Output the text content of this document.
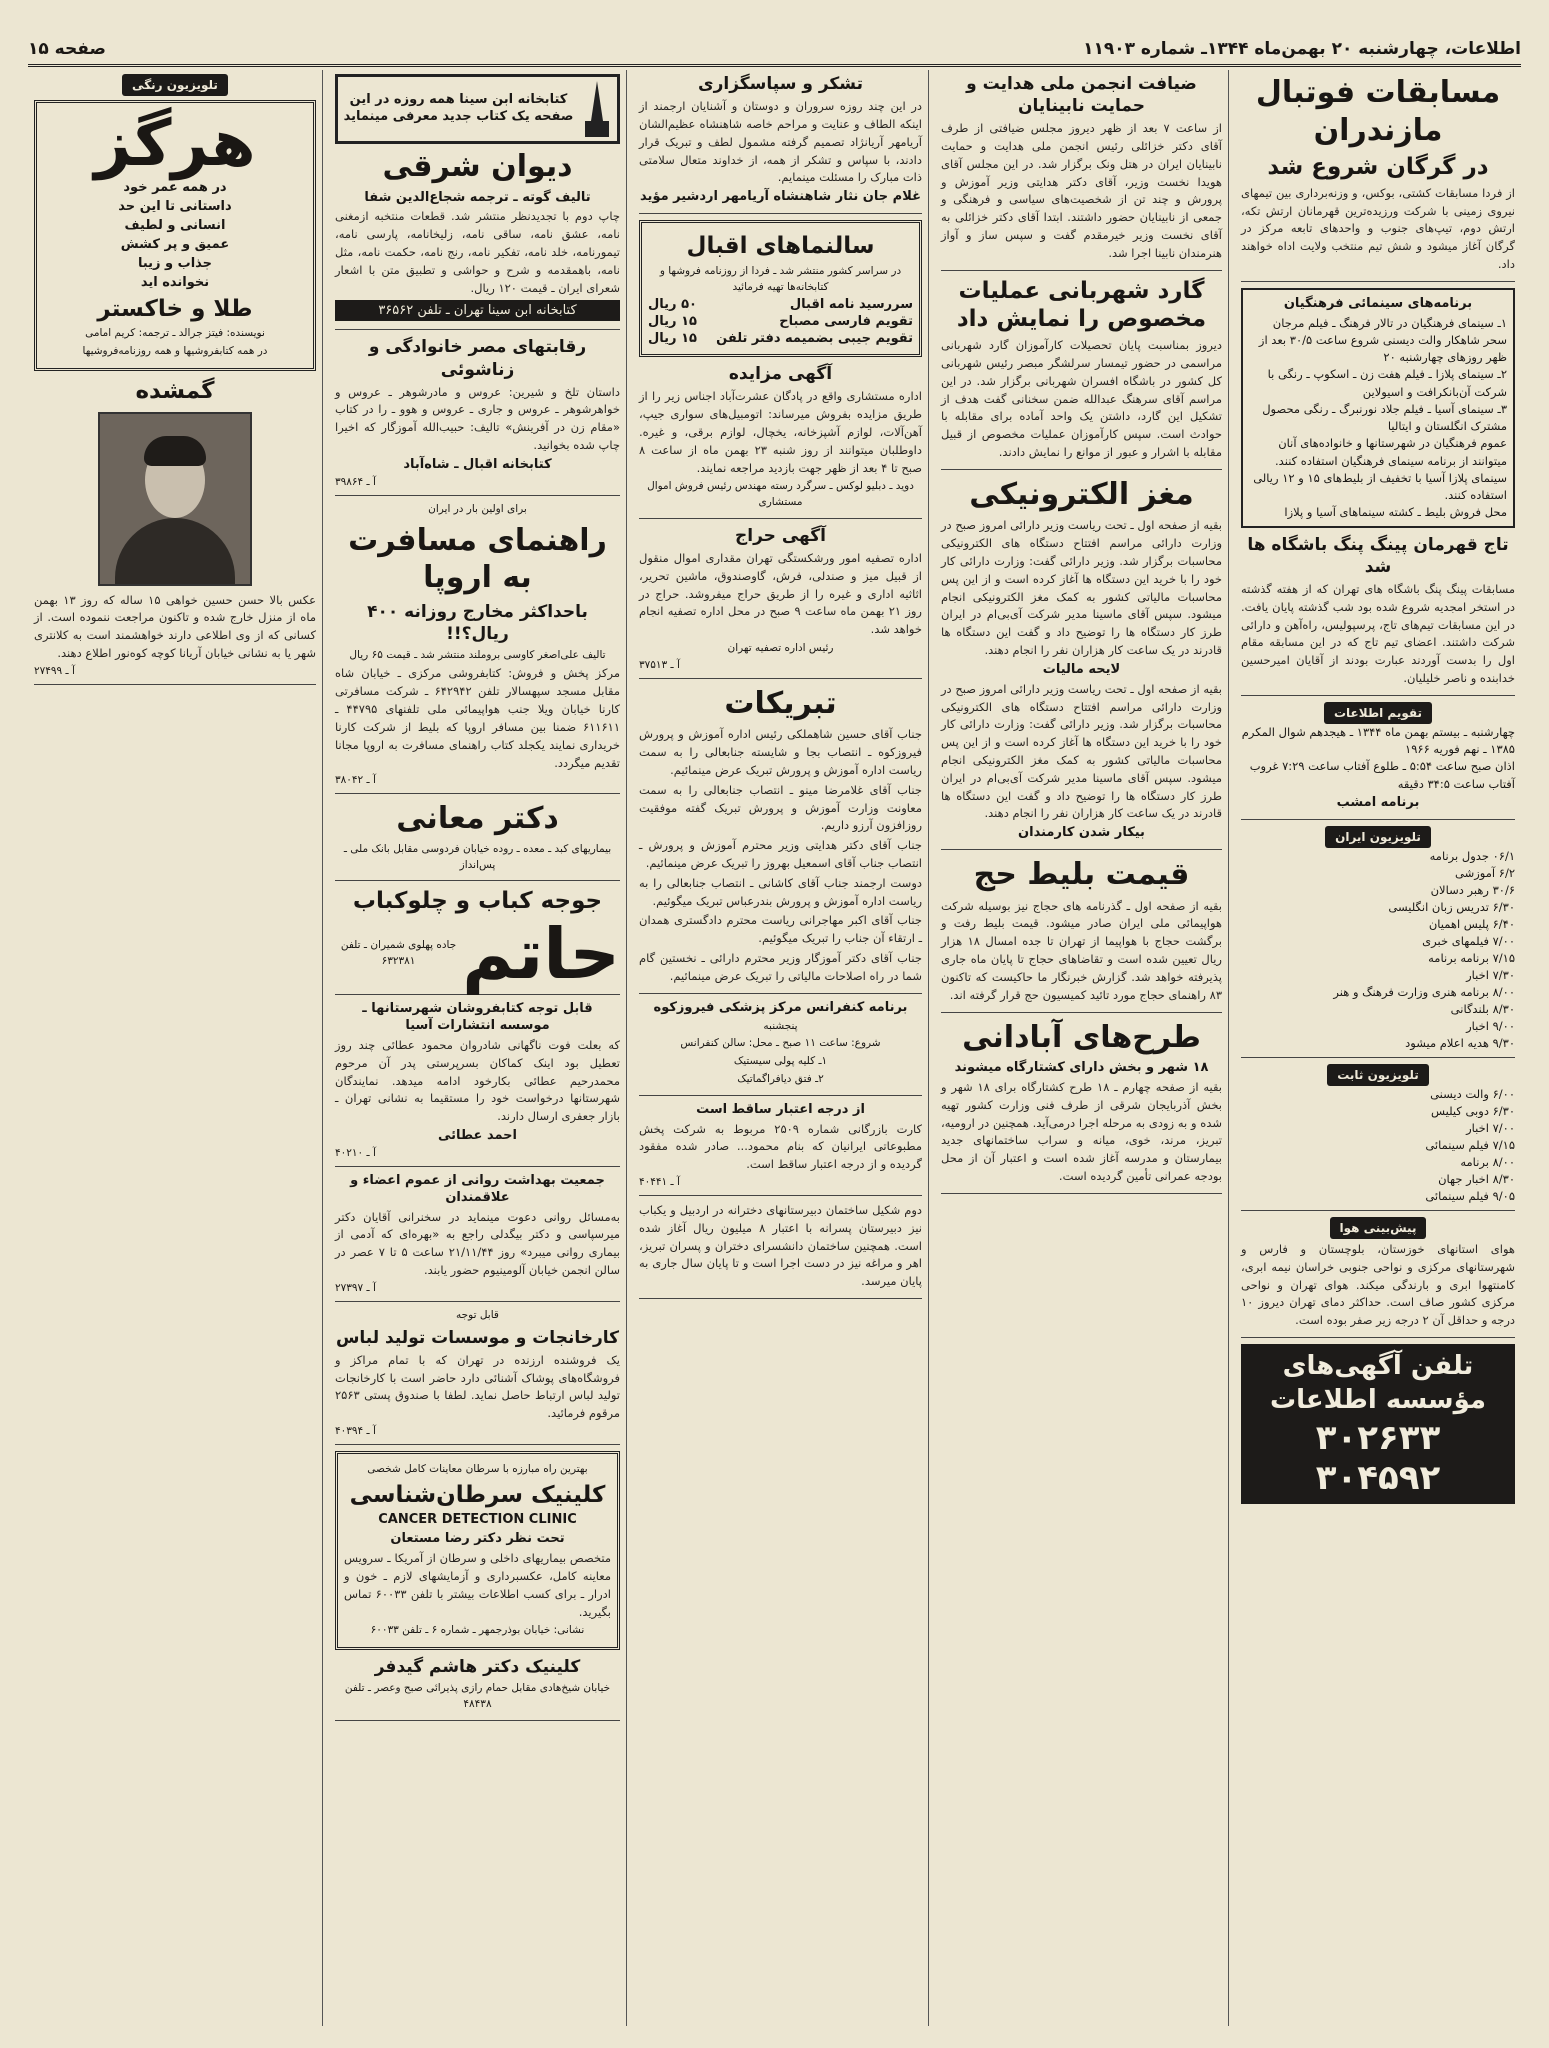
اطلاعات، چهارشنبه ۲۰ بهمن‌ماه ۱۳۴۴ـ شماره ۱۱۹۰۳
صفحه ۱۵
مسابقات فوتبال مازندران
در گرگان شروع شد
از فردا مسابقات کشتی، بوکس، و وزنه‌برداری بین تیمهای نیروی زمینی با شرکت ورزیده‌ترین قهرمانان ارتش تکه، ارتش دوم، تیپ‌های جنوب و واحدهای تابعه مرکز در گرگان آغاز میشود و شش تیم منتخب ولایت اداه خواهند داد.
برنامه‌های سینمائی فرهنگیان

۱ـ سینمای فرهنگیان در تالار فرهنگ ـ فیلم مرجان سحر شاهکار والت دیسنی شروع ساعت ۳۰/۵ بعد از ظهر روزهای چهارشنبه ۲۰

۲ـ سینمای پلازا ـ فیلم هفت زن ـ اسکوپ ـ رنگی با شرکت آن‌بانکرافت و اسیولاین

۳ـ سینمای آسیا ـ فیلم جلاد نورنبرگ ـ رنگی محصول مشترک انگلستان و ایتالیا

عموم فرهنگیان در شهرستانها و خانواده‌های آنان میتوانند از برنامه سینمای فرهنگیان استفاده کنند.

سینمای پلازا آسیا با تخفیف از بلیط‌های ۱۵ و ۱۲ ریالی استفاده کنند.

محل فروش بلیط ـ کشته سینماهای آسیا و پلازا

تاج قهرمان پینگ پنگ باشگاه ها شد
مسابقات پینگ پنگ باشگاه های تهران که از هفته گذشته در استخر امجدیه شروع شده بود شب گذشته پایان یافت. در این مسابقات تیم‌های تاج، پرسپولیس، راه‌آهن و دارائی شرکت داشتند. اعضای تیم تاج که در این مسابقه مقام اول را بدست آوردند عبارت بودند از آقایان امیرحسین خدابنده و ناصر خلیلیان.
تقویم اطلاعات
چهارشنبه ـ بیستم بهمن ماه ۱۳۴۴ ـ هیجدهم شوال المکرم ۱۳۸۵ ـ نهم فوریه ۱۹۶۶
اذان صبح ساعت ۵:۵۴ ـ طلوع آفتاب ساعت ۷:۲۹ غروب آفتاب ساعت ۳۴:۵ دقیقه
برنامه امشب
تلویزیون ایران

۰۶/۱ جدول برنامه

۶/۲ آموزشی

۳۰/۶ رهبر دسالان

۶/۳۰ تدریس زبان انگلیسی

۶/۴۰ پلیس اهمیان

۷/۰۰ فیلمهای خبری

۷/۱۵ برنامه برنامه

۷/۳۰ اخبار

۸/۰۰ برنامه هنری وزارت فرهنگ و هنر

۸/۳۰ بلندگانی

۹/۰۰ اخبار

۹/۳۰ هدیه اعلام میشود

تلویزیون ثابت

۶/۰۰ والت دیسنی

۶/۳۰ دوبی کیلیس

۷/۰۰ اخبار

۷/۱۵ فیلم سینمائی

۸/۰۰ برنامه

۸/۳۰ اخبار جهان

۹/۰۵ فیلم سینمائی

پیش‌بینی هوا
هوای استانهای خوزستان، بلوچستان و فارس و شهرستانهای مرکزی و نواحی جنوبی خراسان نیمه ابری، کامنتهوا ابری و بارندگی میکند. هوای تهران و نواحی مرکزی کشور صاف است. حداکثر دمای تهران دیروز ۱۰ درجه و حداقل آن ۲ درجه زیر صفر بوده است.
تلفن آگهی‌های مؤسسه اطلاعات
۳۰۲۶۳۳
۳۰۴۵۹۲
ضیافت انجمن ملی هدایت و حمایت نابینایان
از ساعت ۷ بعد از ظهر دیروز مجلس ضیافتی از طرف آقای دکتر خزائلی رئیس انجمن ملی هدایت و حمایت نابینایان ایران در هتل ونک برگزار شد. در این مجلس آقای هویدا نخست وزیر، آقای دکتر هدایتی وزیر آموزش و پرورش و چند تن از شخصیت‌های سیاسی و فرهنگی و جمعی از نابینایان حضور داشتند. ابتدا آقای دکتر خزائلی به آقای نخست وزیر خیرمقدم گفت و سپس ساز و آواز هنرمندان نابینا اجرا شد.
گارد شهربانی عملیات مخصوص را نمایش داد
دیروز بمناسبت پایان تحصیلات کارآموزان گارد شهربانی مراسمی در حضور تیمسار سرلشگر مبصر رئیس شهربانی کل کشور در باشگاه افسران شهربانی برگزار شد. در این مراسم آقای سرهنگ عبدالله ضمن سخنانی گفت هدف از تشکیل این گارد، داشتن یک واحد آماده برای مقابله با حوادث است. سپس کارآموزان عملیات مخصوص از قبیل مقابله با اشرار و عبور از موانع را نمایش دادند.
مغز الکترونیکی
بقیه از صفحه اول ـ تحت ریاست وزیر دارائی امروز صبح در وزارت دارائی مراسم افتتاح دستگاه های الکترونیکی محاسبات برگزار شد. وزیر دارائی گفت: وزارت دارائی کار خود را با خرید این دستگاه ها آغاز کرده است و از این پس محاسبات مالیاتی کشور به کمک مغز الکترونیکی انجام میشود. سپس آقای ماسینا مدیر شرکت آی‌بی‌ام در ایران طرز کار دستگاه ها را توضیح داد و گفت این دستگاه ها قادرند در یک ساعت کار هزاران نفر را انجام دهند.
لایحه مالیات
بقیه از صفحه اول ـ تحت ریاست وزیر دارائی امروز صبح در وزارت دارائی مراسم افتتاح دستگاه های الکترونیکی محاسبات برگزار شد. وزیر دارائی گفت: وزارت دارائی کار خود را با خرید این دستگاه ها آغاز کرده است و از این پس محاسبات مالیاتی کشور به کمک مغز الکترونیکی انجام میشود. سپس آقای ماسینا مدیر شرکت آی‌بی‌ام در ایران طرز کار دستگاه ها را توضیح داد و گفت این دستگاه ها قادرند در یک ساعت کار هزاران نفر را انجام دهند.
بیکار شدن کارمندان
قیمت بلیط حج
بقیه از صفحه اول ـ گذرنامه های حجاج نیز بوسیله شرکت هواپیمائی ملی ایران صادر میشود. قیمت بلیط رفت و برگشت حجاج با هواپیما از تهران تا جده امسال ۱۸ هزار ریال تعیین شده است و تقاضاهای حجاج تا پایان ماه جاری پذیرفته خواهد شد. گزارش خبرنگار ما حاکیست که تاکنون ۸۳ راهنمای حجاج مورد تائید کمیسیون حج قرار گرفته اند.
طرح‌های آبادانی
۱۸ شهر و بخش دارای کشتارگاه میشوند
بقیه از صفحه چهارم ـ ۱۸ طرح کشتارگاه برای ۱۸ شهر و بخش آذربایجان شرقی از طرف فنی وزارت کشور تهیه شده و به زودی به مرحله اجرا درمی‌آید. همچنین در ارومیه، تبریز، مرند، خوی، میانه و سراب ساختمانهای جدید بیمارستان و مدرسه آغاز شده است و اعتبار آن از محل بودجه عمرانی تأمین گردیده است.
تشکر و سپاسگزاری
در این چند روزه سروران و دوستان و آشنایان ارجمند از اینکه الطاف و عنایت و مراحم خاصه شاهنشاه عظیم‌الشان آریامهر آریانژاد تصمیم گرفته مشمول لطف و تبریک قرار دادند، با سپاس و تشکر از همه، از خداوند متعال سلامتی ذات مبارک را مسئلت مینمایم.
غلام جان نثار شاهنشاه آریامهر اردشیر مؤید
سالنماهای اقبال
در سراسر کشور منتشر شد ـ فردا از روزنامه فروشها و کتابخانه‌ها تهیه فرمائید
سررسید نامه اقبال
۵۰ ریال
تقویم فارسی مصباح
۱۵ ریال
تقویم جیبی بضمیمه دفتر تلفن
۱۵ ریال
آگهی مزایده
اداره مستشاری واقع در پادگان عشرت‌آباد اجناس زیر را از طریق مزایده بفروش میرساند: اتومبیل‌های سواری جیپ، آهن‌آلات، لوازم آشپزخانه، یخچال، لوازم برقی، و غیره. داوطلبان میتوانند از روز شنبه ۲۳ بهمن ماه از ساعت ۸ صبح تا ۴ بعد از ظهر جهت بازدید مراجعه نمایند.
دوید ـ دبلیو لوکس ـ سرگرد رسته مهندس رئیس فروش اموال مستشاری
آگهی حراج
اداره تصفیه امور ورشکستگی تهران مقداری اموال منقول از قبیل میز و صندلی، فرش، گاوصندوق، ماشین تحریر، اثاثیه اداری و غیره را از طریق حراج میفروشد. حراج در روز ۲۱ بهمن ماه ساعت ۹ صبح در محل اداره تصفیه انجام خواهد شد.
رئیس اداره تصفیه تهران
آ ـ ۳۷۵۱۳
تبریکات
جناب آقای حسین شاهملکی رئیس اداره آموزش و پرورش فیروزکوه ـ انتصاب بجا و شایسته جنابعالی را به سمت ریاست اداره آموزش و پرورش تبریک عرض مینمائیم.
جناب آقای غلامرضا مینو ـ انتصاب جنابعالی را به سمت معاونت وزارت آموزش و پرورش تبریک گفته موفقیت روزافزون آرزو داریم.
جناب آقای دکتر هدایتی وزیر محترم آموزش و پرورش ـ انتصاب جناب آقای اسمعیل بهروز را تبریک عرض مینمائیم.
دوست ارجمند جناب آقای کاشانی ـ انتصاب جنابعالی را به ریاست اداره آموزش و پرورش بندرعباس تبریک میگوئیم.
جناب آقای اکبر مهاجرانی ریاست محترم دادگستری همدان ـ ارتقاء آن جناب را تبریک میگوئیم.
جناب آقای دکتر آموزگار وزیر محترم دارائی ـ نخستین گام شما در راه اصلاحات مالیاتی را تبریک عرض مینمائیم.
برنامه کنفرانس مرکز پزشکی فیروزکوه
پنجشنبه
شروع: ساعت ۱۱ صبح ـ محل: سالن کنفرانس
۱ـ کلیه پولی سیستیک
۲ـ فتق دیافراگماتیک
از درجه اعتبار ساقط است
کارت بازرگانی شماره ۲۵۰۹ مربوط به شرکت پخش مطبوعاتی ایرانیان که بنام محمود... صادر شده مفقود گردیده و از درجه اعتبار ساقط است.
آ ـ ۴۰۴۴۱
دوم شکیل ساختمان دبیرستانهای دخترانه در اردبیل و یکباب نیز دبیرستان پسرانه با اعتبار ۸ میلیون ریال آغاز شده است. همچنین ساختمان دانشسرای دختران و پسران تبریز، اهر و مراغه نیز در دست اجرا است و تا پایان سال جاری به پایان میرسد.
کتابخانه ابن سینا همه روزه در این صفحه یک کتاب جدید معرفی مینماید
دیوان شرقی
تالیف گوته ـ ترجمه شجاع‌الدین شفا
چاپ دوم با تجدیدنظر منتشر شد. قطعات منتخبه ازمغنی نامه، عشق نامه، ساقی نامه، زلیخانامه، پارسی نامه، تیمورنامه، خلد نامه، تفکیر نامه، رنج نامه، حکمت نامه، مثل نامه، باهمقدمه و شرح و حواشی و تطبیق متن با اشعار شعرای ایران ـ قیمت ۱۲۰ ریال.
کتابخانه ابن سینا تهران ـ تلفن ۳۶۵۶۲
رقابتهای مصر خانوادگی و زناشوئی
داستان تلخ و شیرین: عروس و مادرشوهر ـ عروس و خواهرشوهر ـ عروس و جاری ـ عروس و هوو ـ را در کتاب «مقام زن در آفرینش» تالیف: حبیب‌الله آموزگار که اخیرا چاپ شده بخوانید.
کتابخانه اقبال ـ شاه‌آباد
آ ـ ۳۹۸۶۴
برای اولین بار در ایران
راهنمای مسافرت به اروپا
باحداکثر مخارج روزانه ۴۰۰ ریال؟!!
تالیف علی‌اصغر کاوسی بروملند منتشر شد ـ قیمت ۶۵ ریال
مرکز پخش و فروش: کتابفروشی مرکزی ـ خیابان شاه مقابل مسجد سپهسالار تلفن ۶۴۲۹۴۲ ـ شرکت مسافرتی کارنا خیابان ویلا جنب هواپیمائی ملی تلفنهای ۴۴۷۹۵ ـ ۶۱۱۶۱۱ ضمنا بین مسافر اروپا که بلیط از شرکت کارنا خریداری نمایند یکجلد کتاب راهنمای مسافرت به اروپا مجانا تقدیم میگردد.
آ ـ ۳۸۰۴۲
دکتر معانی
بیماریهای کبد ـ معده ـ روده خیابان فردوسی مقابل بانک ملی ـ پس‌انداز
جوجه کباب و چلوکباب
حاتم
جاده پهلوی شمیران ـ تلفن ۶۳۲۳۸۱
قابل توجه کتابفروشان شهرستانها ـ موسسه انتشارات آسیا
که بعلت فوت ناگهانی شادروان محمود عطائی چند روز تعطیل بود اینک کماکان بسرپرستی پدر آن مرحوم محمدرحیم عطائی بکارخود ادامه میدهد. نمایندگان شهرستانها درخواست خود را مستقیما به نشانی تهران ـ بازار جعفری ارسال دارند.
احمد عطائی
آ ـ ۴۰۲۱۰
جمعیت بهداشت روانی از عموم اعضاء و علاقمندان
به‌مسائل روانی دعوت مینماید در سخنرانی آقایان دکتر میرسپاسی و دکتر بیگدلی راجع به «بهره‌ای که آدمی از بیماری روانی میبرد» روز ۲۱/۱۱/۴۴ ساعت ۵ تا ۷ عصر در سالن انجمن خیابان آلومینیوم حضور یابند.
آ ـ ۲۷۳۹۷
قابل توجه
کارخانجات و موسسات تولید لباس
یک فروشنده ارزنده در تهران که با تمام مراکز و فروشگاه‌های پوشاک آشنائی دارد حاضر است با کارخانجات تولید لباس ارتباط حاصل نماید. لطفا با صندوق پستی ۲۵۶۳ مرقوم فرمائید.
آ ـ ۴۰۳۹۴
بهترین راه مبارزه با سرطان معاینات کامل شخصی
کلینیک سرطان‌شناسی
CANCER DETECTION CLINIC
تحت نظر دکتر رضا مستعان
متخصص بیماریهای داخلی و سرطان از آمریکا ـ سرویس معاینه کامل، عکسبرداری و آزمایشهای لازم ـ خون و ادرار ـ برای کسب اطلاعات بیشتر با تلفن ۶۰۰۳۳ تماس بگیرید.
نشانی: خیابان بوذرجمهر ـ شماره ۶ ـ تلفن ۶۰۰۳۳
کلینیک دکتر هاشم گیدفر
خیابان شیخ‌هادی مقابل حمام رازی پذیرائی صبح وعصر ـ تلفن ۴۸۴۳۸
تلویزیون رنگی
هرگز
در همه عمر خود
داستانی تا این حد
انسانی و لطیف
عمیق و پر کشش
جذاب و زیبا
نخوانده اید
طلا و خاکستر
نویسنده: فیتز جرالد ـ ترجمه: کریم امامی
در همه کتابفروشیها و همه روزنامه‌فروشیها
گمشده
عکس بالا حسن حسین خواهی ۱۵ ساله که روز ۱۳ بهمن ماه از منزل خارج شده و تاکنون مراجعت ننموده است. از کسانی که از وی اطلاعی دارند خواهشمند است به کلانتری شهر یا به نشانی خیابان آریانا کوچه کوه‌نور اطلاع دهند.
آ ـ ۲۷۴۹۹
